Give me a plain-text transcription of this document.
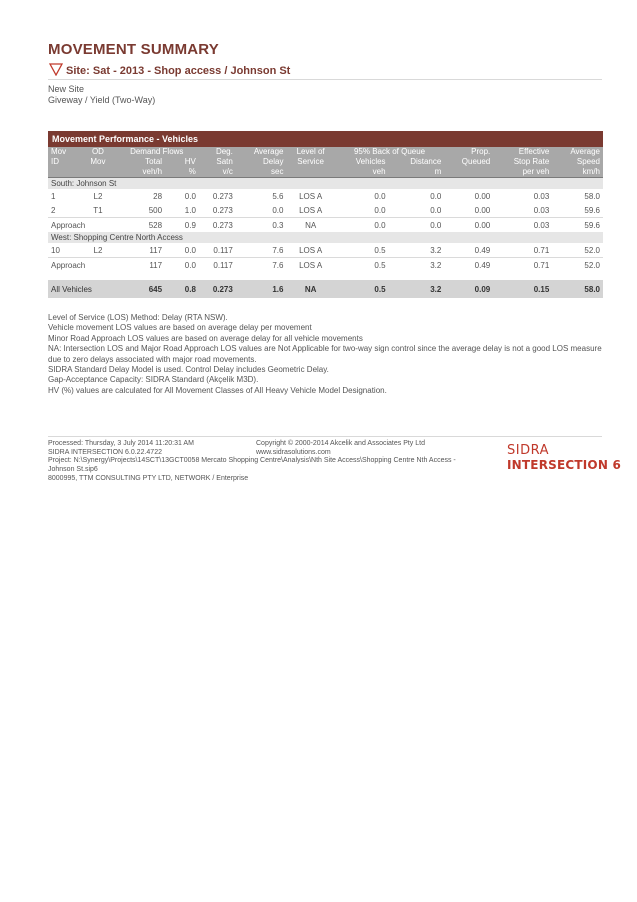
MOVEMENT SUMMARY
Site: Sat - 2013 - Shop access / Johnson St
New Site
Giveway / Yield (Two-Way)
Movement Performance - Vehicles											
Mov	OD	Demand Flows		Deg.	Average	Level of	95% Back of Queue		Prop.	Effective	Average
ID	Mov	Total	HV	Satn	Delay	Service	Vehicles	Distance	Queued	Stop Rate	Speed
		veh/h	%	v/c	sec		veh	m		per veh	km/h
South: Johnson St											
1	L2	28	0.0	0.273	5.6	LOS A	0.0	0.0	0.00	0.03	58.0
2	T1	500	1.0	0.273	0.0	LOS A	0.0	0.0	0.00	0.03	59.6
Approach		528	0.9	0.273	0.3	NA	0.0	0.0	0.00	0.03	59.6
West: Shopping Centre North Access											
10	L2	117	0.0	0.117	7.6	LOS A	0.5	3.2	0.49	0.71	52.0
Approach		117	0.0	0.117	7.6	LOS A	0.5	3.2	0.49	0.71	52.0

All Vehicles		645	0.8	0.273	1.6	NA	0.5	3.2	0.09	0.15	58.0
Level of Service (LOS) Method: Delay (RTA NSW).
Vehicle movement LOS values are based on average delay per movement
Minor Road Approach LOS values are based on average delay for all vehicle movements
NA: Intersection LOS and Major Road Approach LOS values are Not Applicable for two-way sign control since the average delay is not a good LOS measure due to zero delays associated with major road movements.
SIDRA Standard Delay Model is used. Control Delay includes Geometric Delay.
Gap-Acceptance Capacity: SIDRA Standard (Akçelik M3D).
HV (%) values are calculated for All Movement Classes of All Heavy Vehicle Model Designation.
Processed: Thursday, 3 July 2014 11:20:31 AM	Copyright © 2000-2014 Akcelik and Associates Pty Ltd
SIDRA INTERSECTION 6.0.22.4722	www.sidrasolutions.com
Project: N:\Synergy\Projects\14SCT\13GCT0058 Mercato Shopping Centre\Analysis\Nth Site Access\Shopping Centre Nth Access - Johnson St.sip6
8000995, TTM CONSULTING PTY LTD, NETWORK / Enterprise
SIDRA
INTERSECTION 6
